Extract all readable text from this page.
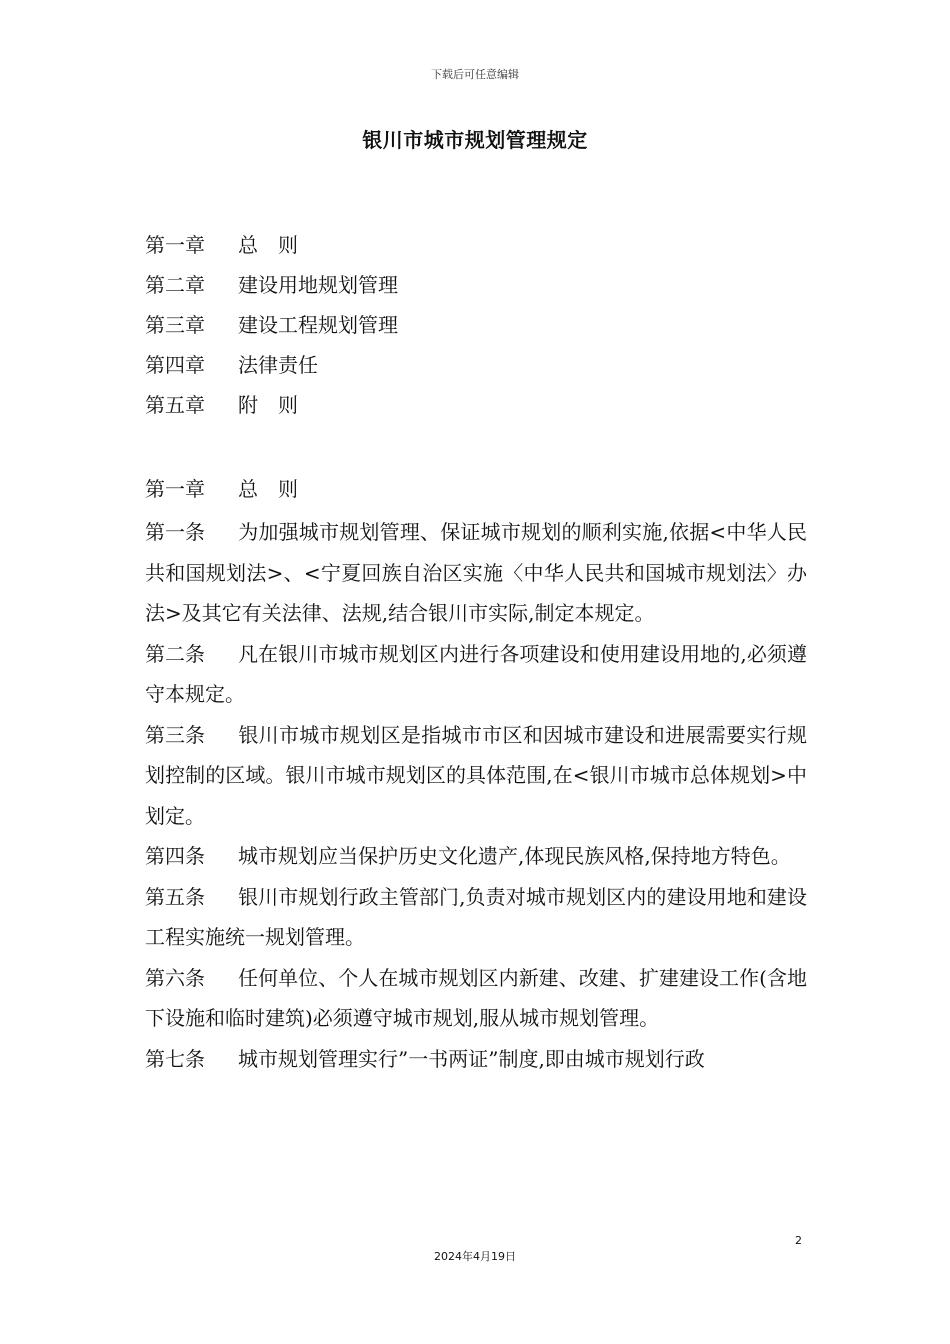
下载后可任意编辑
银川市城市规划管理规定
第一章 总　则
第二章 建设用地规划管理
第三章 建设工程规划管理
第四章 法律责任
第五章 附　则
第一章 总　则
第一条 为加强城市规划管理、保证城市规划的顺利实施,依据<中华人民共和国规划法>、<宁夏回族自治区实施〈中华人民共和国城市规划法〉办法>及其它有关法律、法规,结合银川市实际,制定本规定。
第二条 凡在银川市城市规划区内进行各项建设和使用建设用地的,必须遵守本规定。
第三条 银川市城市规划区是指城市市区和因城市建设和进展需要实行规划控制的区域。银川市城市规划区的具体范围,在<银川市城市总体规划>中划定。
第四条 城市规划应当保护历史文化遗产,体现民族风格,保持地方特色。
第五条 银川市规划行政主管部门,负责对城市规划区内的建设用地和建设工程实施统一规划管理。
第六条 任何单位、个人在城市规划区内新建、改建、扩建建设工作(含地下设施和临时建筑)必须遵守城市规划,服从城市规划管理。
第七条 城市规划管理实行”一书两证”制度,即由城市规划行政
2
2024年4月19日
